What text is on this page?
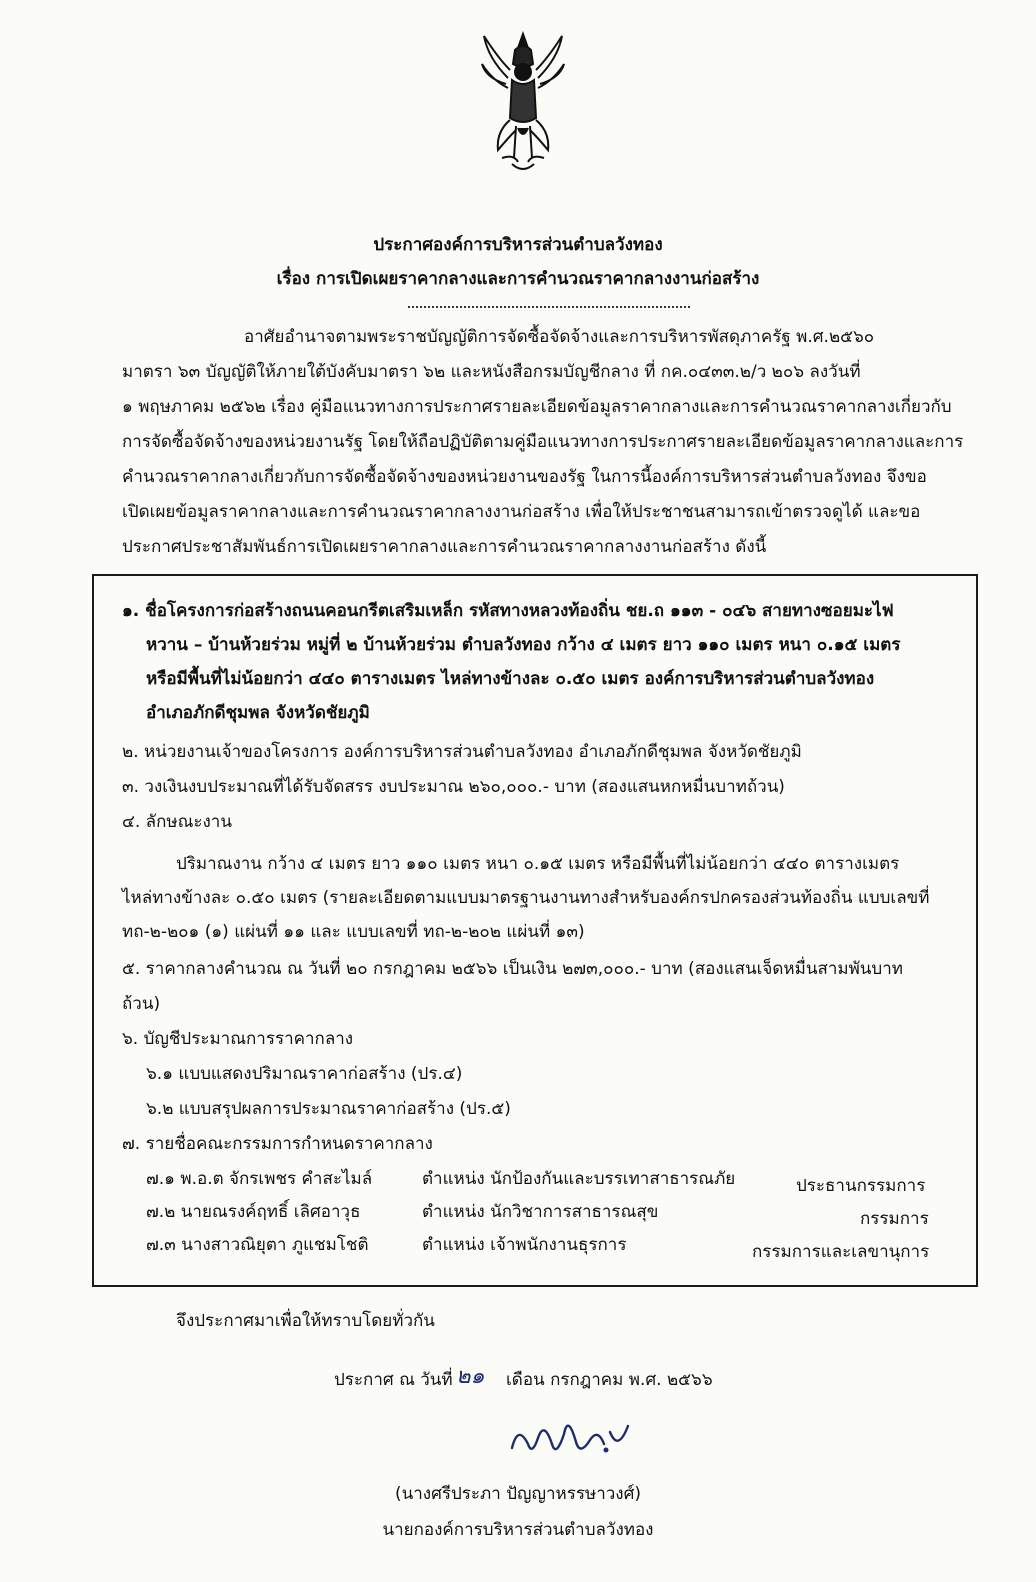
ประกาศองค์การบริหารส่วนตำบลวังทอง
เรื่อง การเปิดเผยราคากลางและการคำนวณราคากลางงานก่อสร้าง
อาศัยอำนาจตามพระราชบัญญัติการจัดซื้อจัดจ้างและการบริหารพัสดุภาครัฐ พ.ศ.๒๕๖๐
มาตรา ๖๓ บัญญัติให้ภายใต้บังคับมาตรา ๖๒ และหนังสือกรมบัญชีกลาง ที่ กค.๐๔๓๓.๒/ว ๒๐๖ ลงวันที่
๑ พฤษภาคม ๒๕๖๒ เรื่อง คู่มือแนวทางการประกาศรายละเอียดข้อมูลราคากลางและการคำนวณราคากลางเกี่ยวกับ
การจัดซื้อจัดจ้างของหน่วยงานรัฐ โดยให้ถือปฏิบัติตามคู่มือแนวทางการประกาศรายละเอียดข้อมูลราคากลางและการ
คำนวณราคากลางเกี่ยวกับการจัดซื้อจัดจ้างของหน่วยงานของรัฐ ในการนี้องค์การบริหารส่วนตำบลวังทอง จึงขอ
เปิดเผยข้อมูลราคากลางและการคำนวณราคากลางงานก่อสร้าง เพื่อให้ประชาชนสามารถเข้าตรวจดูได้ และขอ
ประกาศประชาสัมพันธ์การเปิดเผยราคากลางและการคำนวณราคากลางงานก่อสร้าง ดังนี้
๑. ชื่อโครงการก่อสร้างถนนคอนกรีตเสริมเหล็ก รหัสทางหลวงท้องถิ่น ชย.ถ ๑๑๓ - ๐๔๖ สายทางซอยมะไฟ
หวาน – บ้านห้วยร่วม หมู่ที่ ๒ บ้านห้วยร่วม ตำบลวังทอง กว้าง ๔ เมตร ยาว ๑๑๐ เมตร หนา ๐.๑๕ เมตร
หรือมีพื้นที่ไม่น้อยกว่า ๔๔๐ ตารางเมตร ไหล่ทางข้างละ ๐.๕๐ เมตร องค์การบริหารส่วนตำบลวังทอง
อำเภอภักดีชุมพล จังหวัดชัยภูมิ
๒. หน่วยงานเจ้าของโครงการ องค์การบริหารส่วนตำบลวังทอง อำเภอภักดีชุมพล จังหวัดชัยภูมิ
๓. วงเงินงบประมาณที่ได้รับจัดสรร งบประมาณ ๒๖๐,๐๐๐.- บาท (สองแสนหกหมื่นบาทถ้วน)
๔. ลักษณะงาน
ปริมาณงาน กว้าง ๔ เมตร ยาว ๑๑๐ เมตร หนา ๐.๑๕ เมตร หรือมีพื้นที่ไม่น้อยกว่า ๔๔๐ ตารางเมตร
ไหล่ทางข้างละ ๐.๕๐ เมตร (รายละเอียดตามแบบมาตรฐานงานทางสำหรับองค์กรปกครองส่วนท้องถิ่น แบบเลขที่
ทถ-๒-๒๐๑ (๑) แผ่นที่ ๑๑ และ แบบเลขที่ ทถ-๒-๒๐๒ แผ่นที่ ๑๓)
๕. ราคากลางคำนวณ ณ วันที่ ๒๐ กรกฎาคม ๒๕๖๖ เป็นเงิน ๒๗๓,๐๐๐.- บาท (สองแสนเจ็ดหมื่นสามพันบาท
ถ้วน)
๖. บัญชีประมาณการราคากลาง
๖.๑ แบบแสดงปริมาณราคาก่อสร้าง (ปร.๔)
๖.๒ แบบสรุปผลการประมาณราคาก่อสร้าง (ปร.๕)
๗. รายชื่อคณะกรรมการกำหนดราคากลาง
๗.๑ พ.อ.ต จักรเพชร คำสะไมล์	ตำแหน่ง นักป้องกันและบรรเทาสาธารณภัย	ประธานกรรมการ
๗.๒ นายณรงค์ฤทธิ์ เลิศอาวุธ	ตำแหน่ง นักวิชาการสาธารณสุข	กรรมการ
๗.๓ นางสาวณิยุตา ภูแชมโชติ	ตำแหน่ง เจ้าพนักงานธุรการ	กรรมการและเลขานุการ
จึงประกาศมาเพื่อให้ทราบโดยทั่วกัน
ประกาศ ณ วันที่ ๒๑ เดือน กรกฎาคม พ.ศ. ๒๕๖๖
(นางศรีประภา ปัญญาหรรษาวงศ์)
นายกองค์การบริหารส่วนตำบลวังทอง
